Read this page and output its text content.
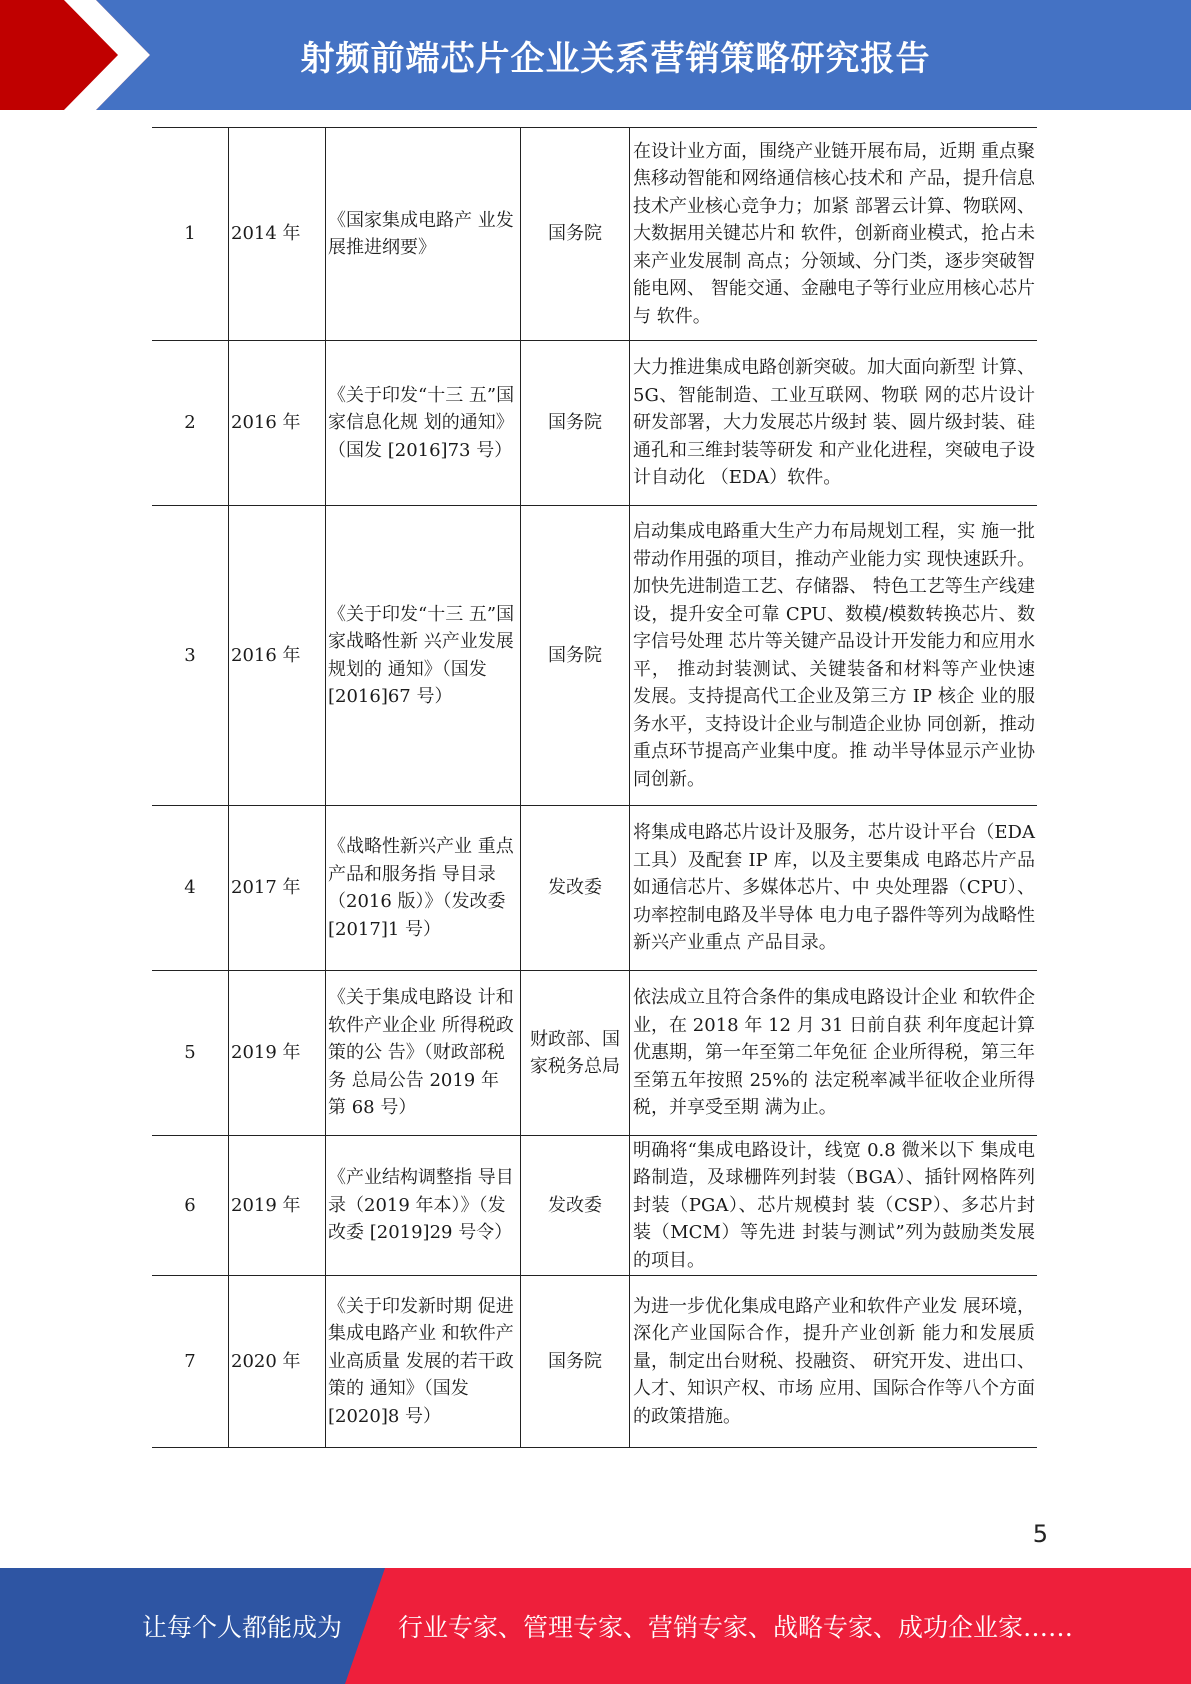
射频前端芯片企业关系营销策略研究报告
1	2014 年	《国家集成电路产 业发展推进纲要》	国务院	在设计业方面，围绕产业链开展布局，近期 重点聚焦移动智能和网络通信核心技术和 产品，提升信息技术产业核心竞争力；加紧 部署云计算、物联网、大数据用关键芯片和 软件，创新商业模式，抢占未来产业发展制 高点；分领域、分门类，逐步突破智能电网、 智能交通、金融电子等行业应用核心芯片与 软件。
2	2016 年	《关于印发“十三 五”国家信息化规 划的通知》（国发 [2016]73 号）	国务院	大力推进集成电路创新突破。加大面向新型 计算、5G、智能制造、工业互联网、物联 网的芯片设计研发部署，大力发展芯片级封 装、圆片级封装、硅通孔和三维封装等研发 和产业化进程，突破电子设计自动化 （EDA）软件。
3	2016 年	《关于印发“十三 五”国家战略性新 兴产业发展规划的 通知》（国发 [2016]67 号）	国务院	启动集成电路重大生产力布局规划工程，实 施一批带动作用强的项目，推动产业能力实 现快速跃升。加快先进制造工艺、存储器、 特色工艺等生产线建设，提升安全可靠 CPU、数模/模数转换芯片、数字信号处理 芯片等关键产品设计开发能力和应用水平， 推动封装测试、关键装备和材料等产业快速 发展。支持提高代工企业及第三方 IP 核企 业的服务水平，支持设计企业与制造企业协 同创新，推动重点环节提高产业集中度。推 动半导体显示产业协同创新。
4	2017 年	《战略性新兴产业 重点产品和服务指 导目录（2016 版）》（发改委[2017]1 号）	发改委	将集成电路芯片设计及服务，芯片设计平台（EDA 工具）及配套 IP 库，以及主要集成 电路芯片产品如通信芯片、多媒体芯片、中 央处理器（CPU）、功率控制电路及半导体 电力电子器件等列为战略性新兴产业重点 产品目录。
5	2019 年	《关于集成电路设 计和软件产业企业 所得税政策的公 告》（财政部税务 总局公告 2019 年 第 68 号）	财政部、国家税务总局	依法成立且符合条件的集成电路设计企业 和软件企业，在 2018 年 12 月 31 日前自获 利年度起计算优惠期，第一年至第二年免征 企业所得税，第三年至第五年按照 25%的 法定税率减半征收企业所得税，并享受至期 满为止。
6	2019 年	《产业结构调整指 导目录（2019 年本）》（发改委 [2019]29 号令）	发改委	明确将“集成电路设计，线宽 0.8 微米以下 集成电路制造，及球栅阵列封装（BGA）、插针网格阵列封装（PGA）、芯片规模封 装（CSP）、多芯片封装（MCM）等先进 封装与测试”列为鼓励类发展的项目。
7	2020 年	《关于印发新时期 促进集成电路产业 和软件产业高质量 发展的若干政策的 通知》（国发[2020]8 号）	国务院	为进一步优化集成电路产业和软件产业发 展环境，深化产业国际合作，提升产业创新 能力和发展质量，制定出台财税、投融资、 研究开发、进出口、人才、知识产权、市场 应用、国际合作等八个方面的政策措施。
5
让每个人都能成为 行业专家、管理专家、营销专家、战略专家、成功企业家……
